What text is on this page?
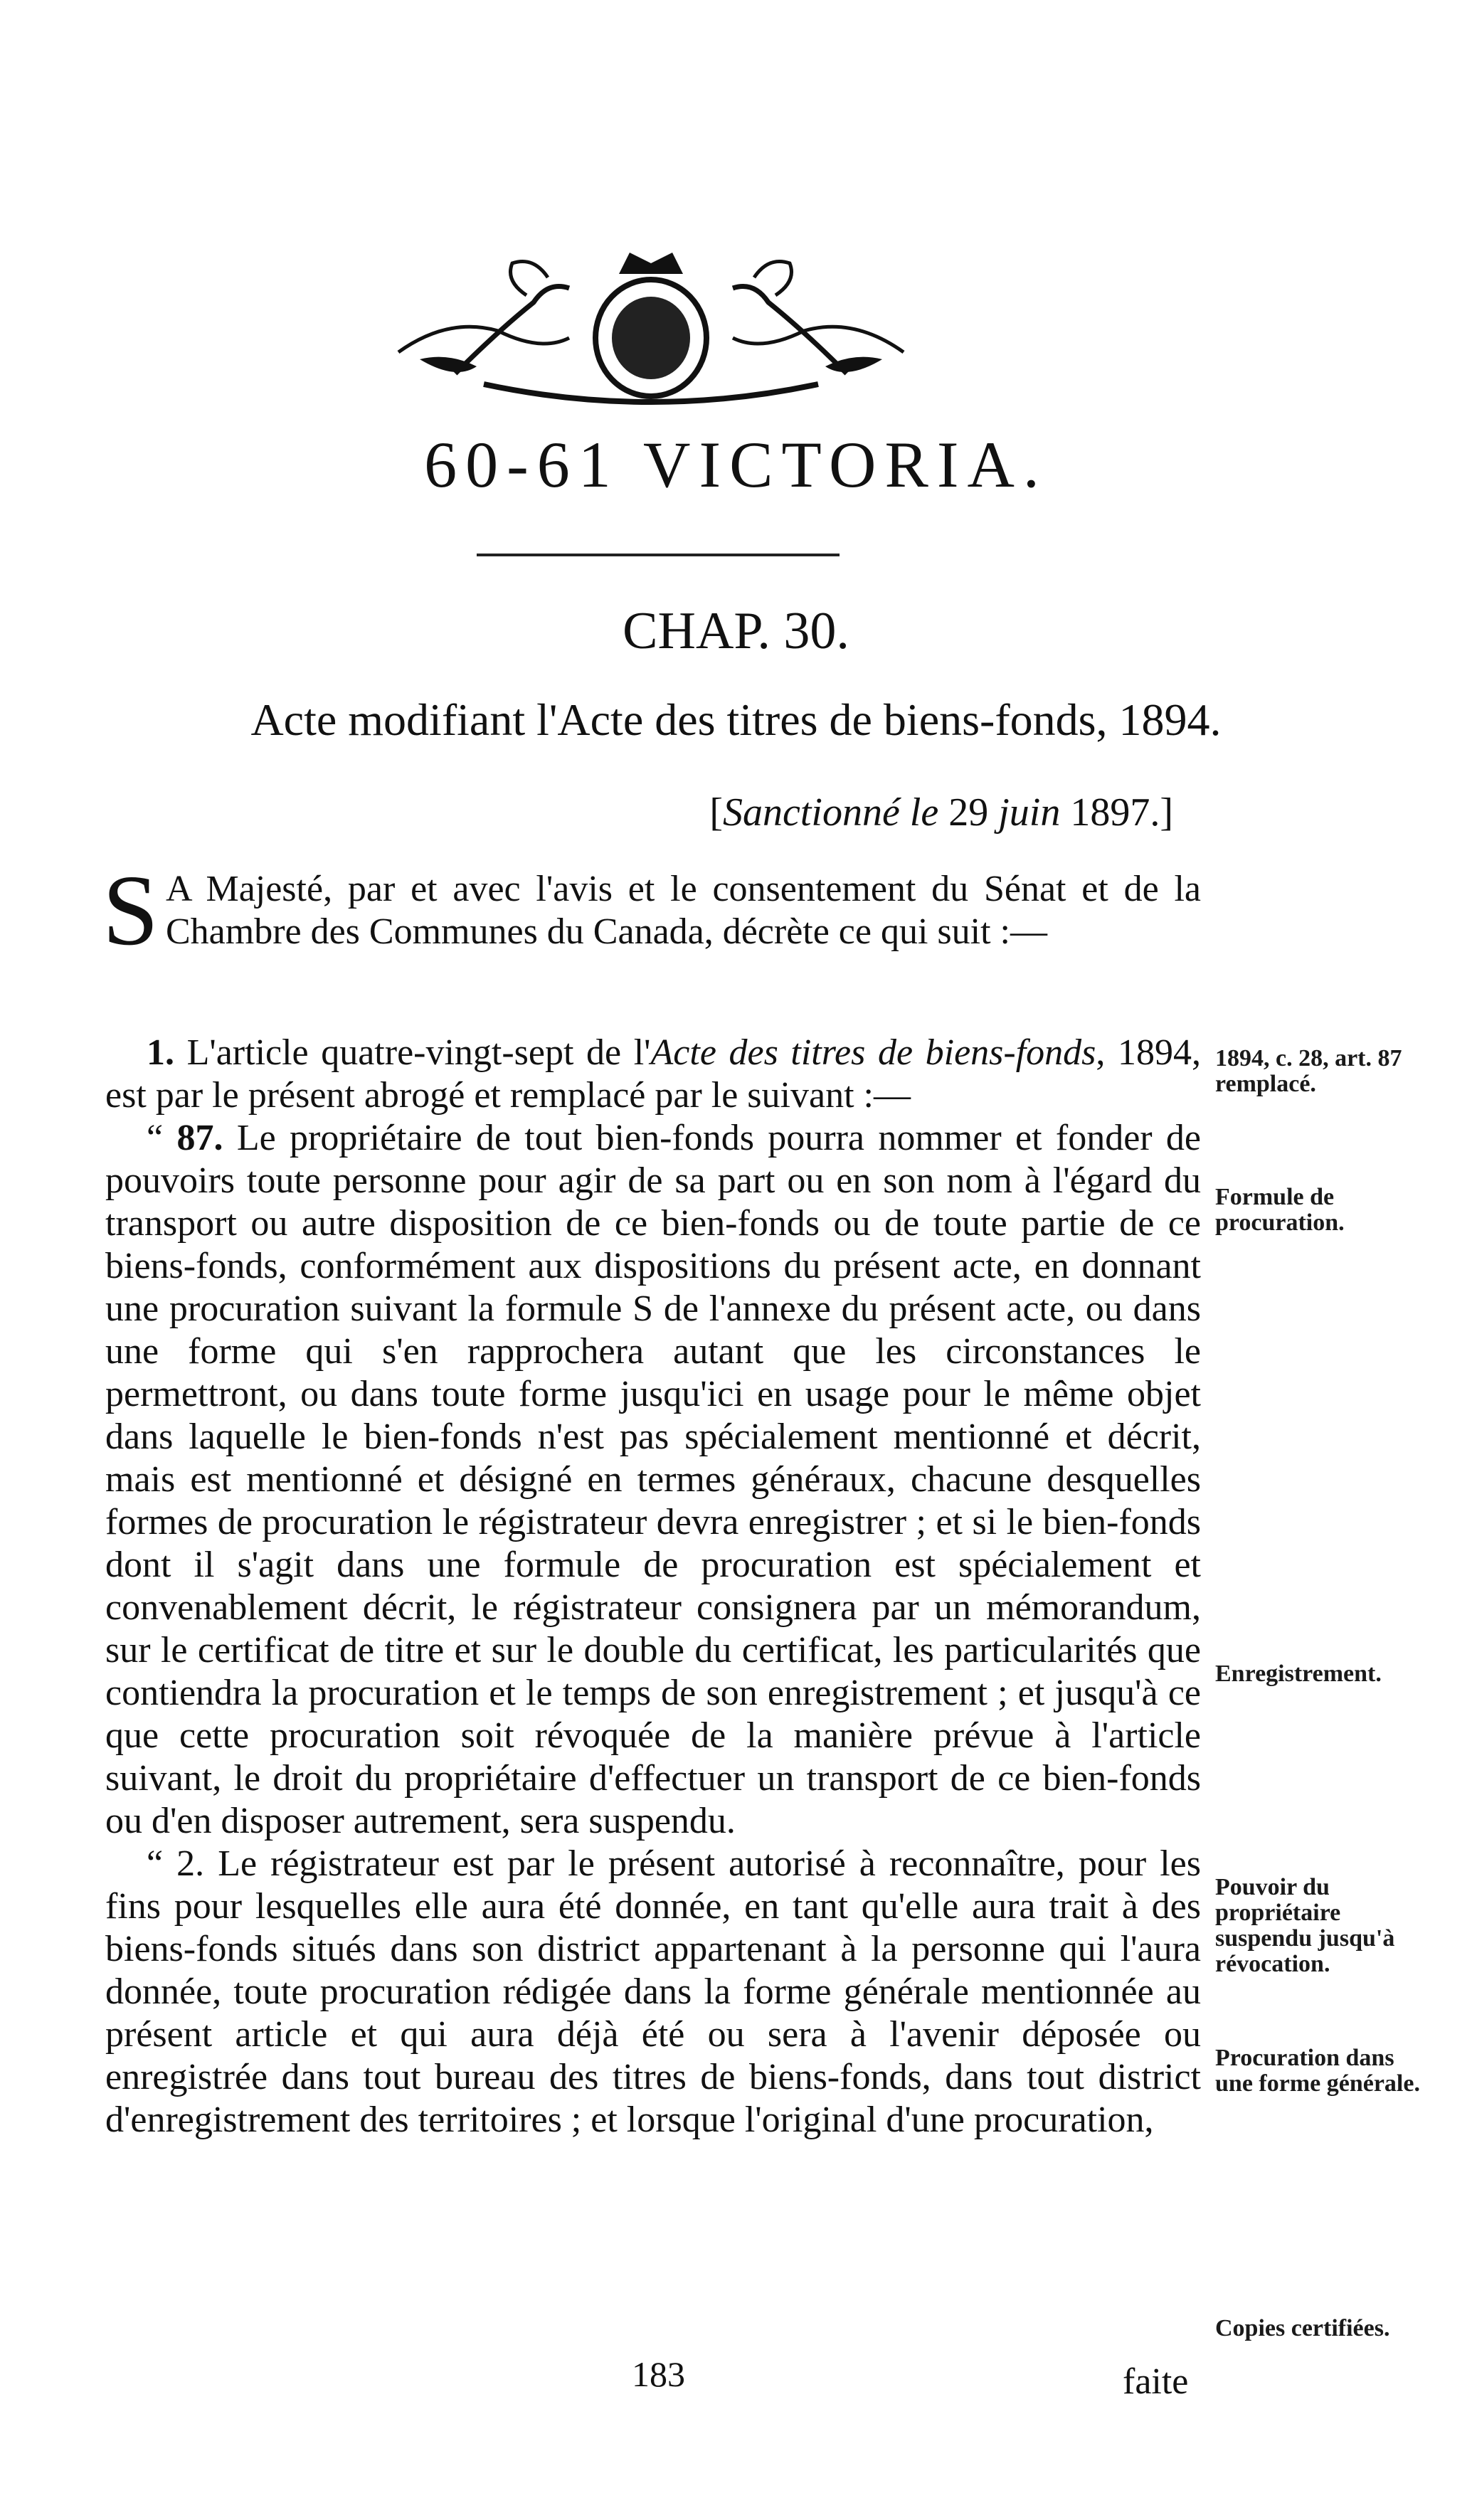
60-61 VICTORIA.
CHAP. 30.
Acte modifiant l'Acte des titres de biens-fonds, 1894.
[Sanctionné le 29 juin 1897.]

S A Majesté, par et avec l'avis et le consentement du Sénat et de la Chambre des Communes du Canada, décrète ce qui suit :—

1. L'article quatre-vingt-sept de l'Acte des titres de biens-fonds, 1894, est par le présent abrogé et remplacé par le suivant :—

“ 87. Le propriétaire de tout bien-fonds pourra nommer et fonder de pouvoirs toute personne pour agir de sa part ou en son nom à l'égard du transport ou autre disposition de ce bien-fonds ou de toute partie de ce biens-fonds, conformément aux dispositions du présent acte, en donnant une procuration suivant la formule S de l'annexe du présent acte, ou dans une forme qui s'en rapprochera autant que les circonstances le permettront, ou dans toute forme jusqu'ici en usage pour le même objet dans laquelle le bien-fonds n'est pas spécialement mentionné et décrit, mais est mentionné et désigné en termes généraux, chacune desquelles formes de procuration le régistrateur devra enregistrer ; et si le bien-fonds dont il s'agit dans une formule de procuration est spécialement et convenablement décrit, le régistrateur consignera par un mémorandum, sur le certificat de titre et sur le double du certificat, les particularités que contiendra la procuration et le temps de son enregistrement ; et jusqu'à ce que cette procuration soit révoquée de la manière prévue à l'article suivant, le droit du propriétaire d'effectuer un transport de ce bien-fonds ou d'en disposer autrement, sera suspendu.

“ 2. Le régistrateur est par le présent autorisé à reconnaître, pour les fins pour lesquelles elle aura été donnée, en tant qu'elle aura trait à des biens-fonds situés dans son district appartenant à la personne qui l'aura donnée, toute procuration rédigée dans la forme générale mentionnée au présent article et qui aura déjà été ou sera à l'avenir déposée ou enregistrée dans tout bureau des titres de biens-fonds, dans tout district d'enregistrement des territoires ; et lorsque l'original d'une procuration,

1894, c. 28, art. 87 remplacé.
Formule de procuration.
Enregistrement.
Pouvoir du propriétaire suspendu jusqu'à révocation.
Procuration dans une forme générale.
Copies certifiées.
183	faite
